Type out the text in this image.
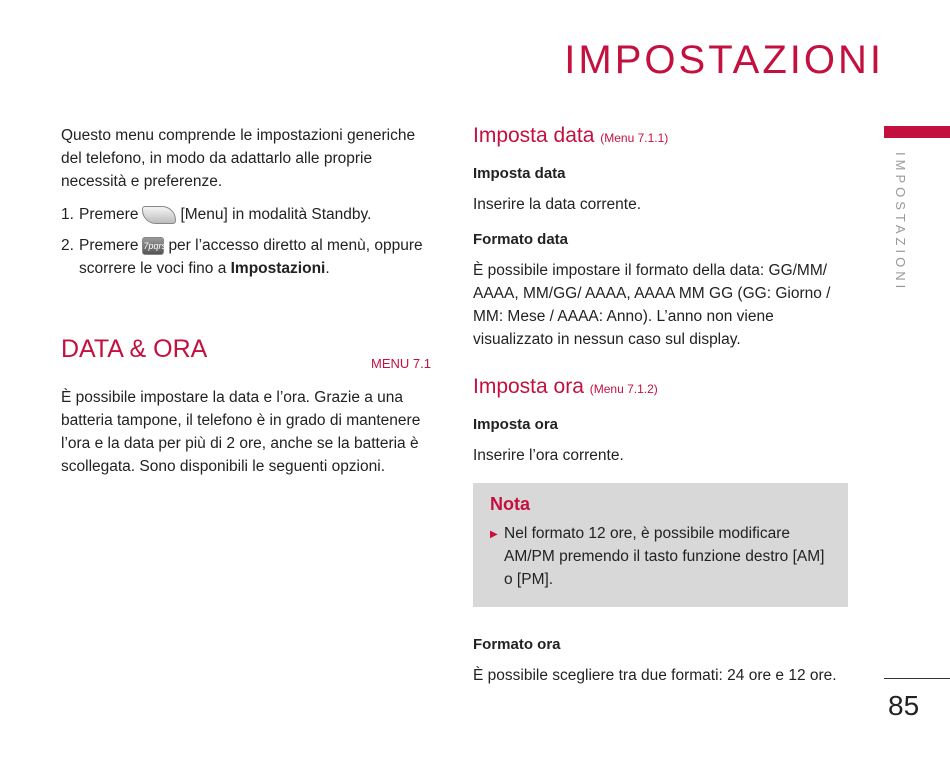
IMPOSTAZIONI
IMPOSTAZIONI

Questo menu comprende le impostazioni generiche del telefono, in modo da adattarlo alle proprie necessità e preferenze.

1. Premere	[Menu] in modalità Standby.
2. Premere 7pqrs per l’accesso diretto al menù, oppure scorrere le voci fino a Impostazioni.
DATA & ORA
MENU 7.1

È possibile impostare la data e l’ora. Grazie a una batteria tampone, il telefono è in grado di mantenere l’ora e la data per più di 2 ore, anche se la batteria è scollegata. Sono disponibili le seguenti opzioni.

Imposta data (Menu 7.1.1)
Imposta data

Inserire la data corrente.

Formato data

È possibile impostare il formato della data: GG/MM/ AAAA, MM/GG/ AAAA, AAAA MM GG (GG: Giorno / MM: Mese / AAAA: Anno). L’anno non viene visualizzato in nessun caso sul display.

Imposta ora (Menu 7.1.2)
Imposta ora

Inserire l’ora corrente.

Nota
▶ Nel formato 12 ore, è possibile modificare AM/PM premendo il tasto funzione destro [AM] o [PM].
Formato ora

È possibile scegliere tra due formati: 24 ore e 12 ore.

85
